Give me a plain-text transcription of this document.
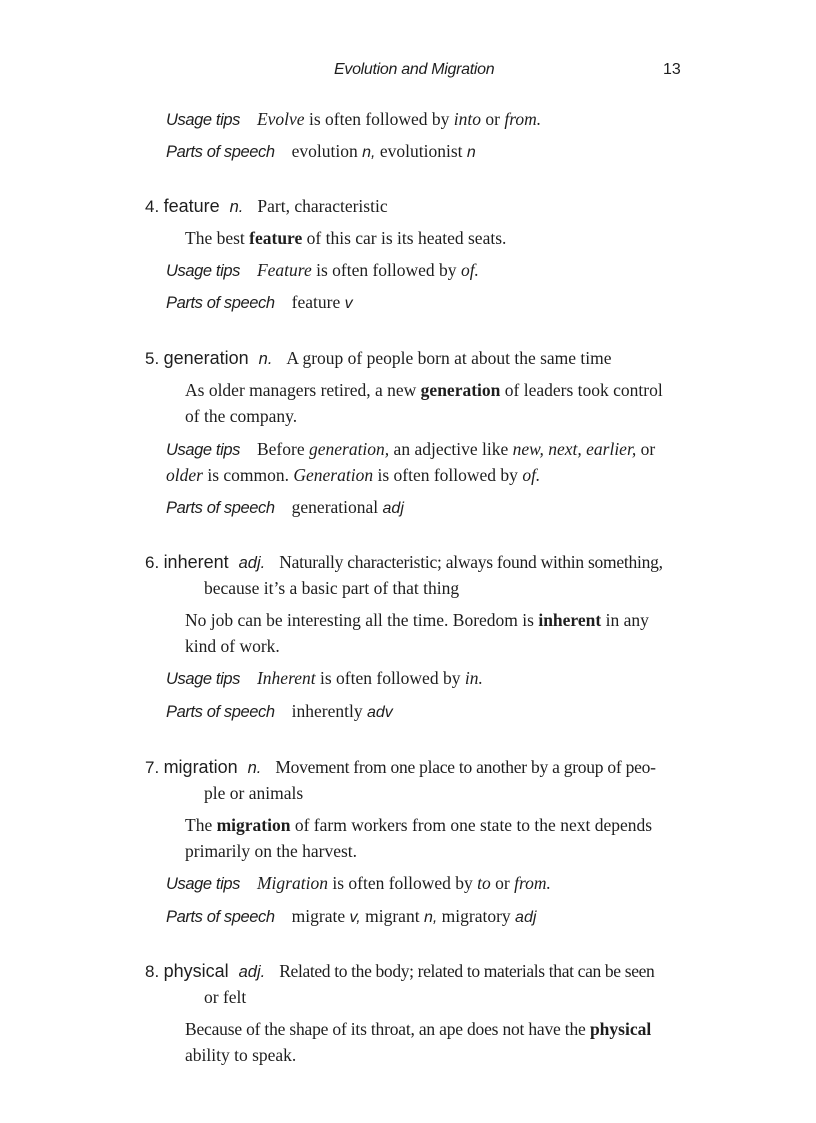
Evolution and Migration	13
Usage tips Evolve is often followed by into or from.
Parts of speech evolution n, evolutionist n
4. feature n. Part, characteristic
The best feature of this car is its heated seats.
Usage tips Feature is often followed by of.
Parts of speech feature v
5. generation n. A group of people born at about the same time
As older managers retired, a new generation of leaders took control
of the company.
Usage tips Before generation, an adjective like new, next, earlier, or
older is common. Generation is often followed by of.
Parts of speech generational adj
6. inherent adj. Naturally characteristic; always found within something,
because it’s a basic part of that thing
No job can be interesting all the time. Boredom is inherent in any
kind of work.
Usage tips Inherent is often followed by in.
Parts of speech inherently adv
7. migration n. Movement from one place to another by a group of peo-
ple or animals
The migration of farm workers from one state to the next depends
primarily on the harvest.
Usage tips Migration is often followed by to or from.
Parts of speech migrate v, migrant n, migratory adj
8. physical adj. Related to the body; related to materials that can be seen
or felt
Because of the shape of its throat, an ape does not have the physical
ability to speak.
